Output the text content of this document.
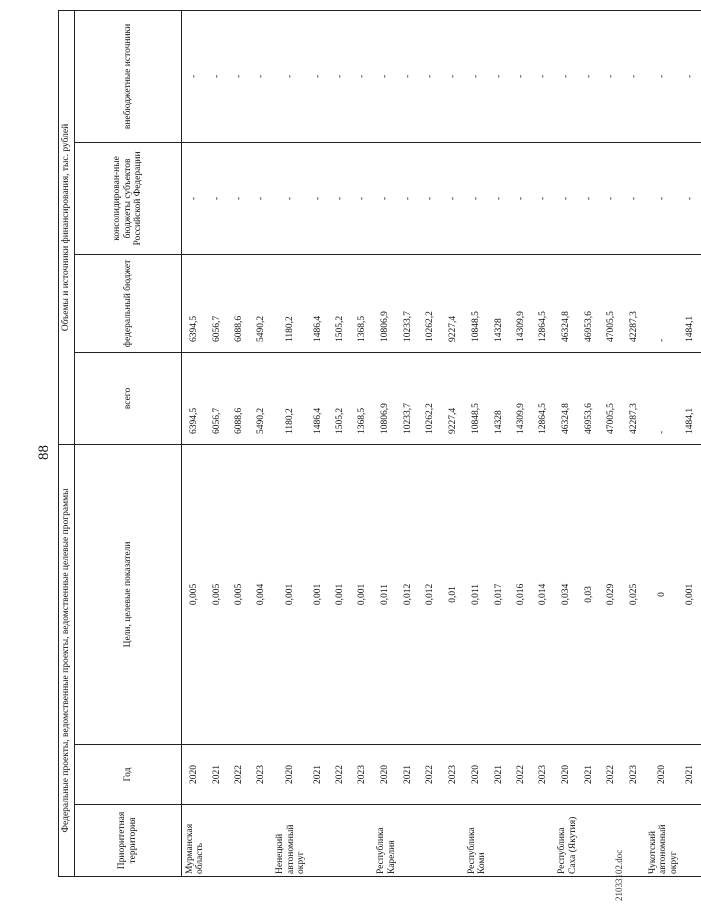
88
Федеральные проекты, ведомственные проекты, ведомственные целевые программы			Объемы и источники финансирования, тыс. рублей			
Приоритетная территория	Год	Цели, целевые показатели	всего	федеральный бюджет	консолидирован-ные бюджеты субъектов Российской Федерации	внебюджетные источники
Мурманская область	2020	0,005	6394,5	6394,5	-	-
	2021	0,005	6056,7	6056,7	-	-
	2022	0,005	6088,6	6088,6	-	-
	2023	0,004	5490,2	5490,2	-	-
Ненецкий автономный округ	2020	0,001	1180,2	1180,2	-	-
	2021	0,001	1486,4	1486,4	-	-
	2022	0,001	1505,2	1505,2	-	-
	2023	0,001	1368,5	1368,5	-	-
Республика Карелия	2020	0,011	10806,9	10806,9	-	-
	2021	0,012	10233,7	10233,7	-	-
	2022	0,012	10262,2	10262,2	-	-
	2023	0,01	9227,4	9227,4	-	-
Республика Коми	2020	0,011	10848,5	10848,5	-	-
	2021	0,017	14328	14328	-	-
	2022	0,016	14309,9	14309,9	-	-
	2023	0,014	12864,5	12864,5	-	-
Республика Саха (Якутия)	2020	0,034	46324,8	46324,8	-	-
	2021	0,03	46953,6	46953,6	-	-
	2022	0,029	47005,5	47005,5	-	-
	2023	0,025	42287,3	42287,3	-	-
Чукотский автономный округ	2020	0	-	-	-	-
	2021	0,001	1484,1	1484,1	-	-
21033102.doc
